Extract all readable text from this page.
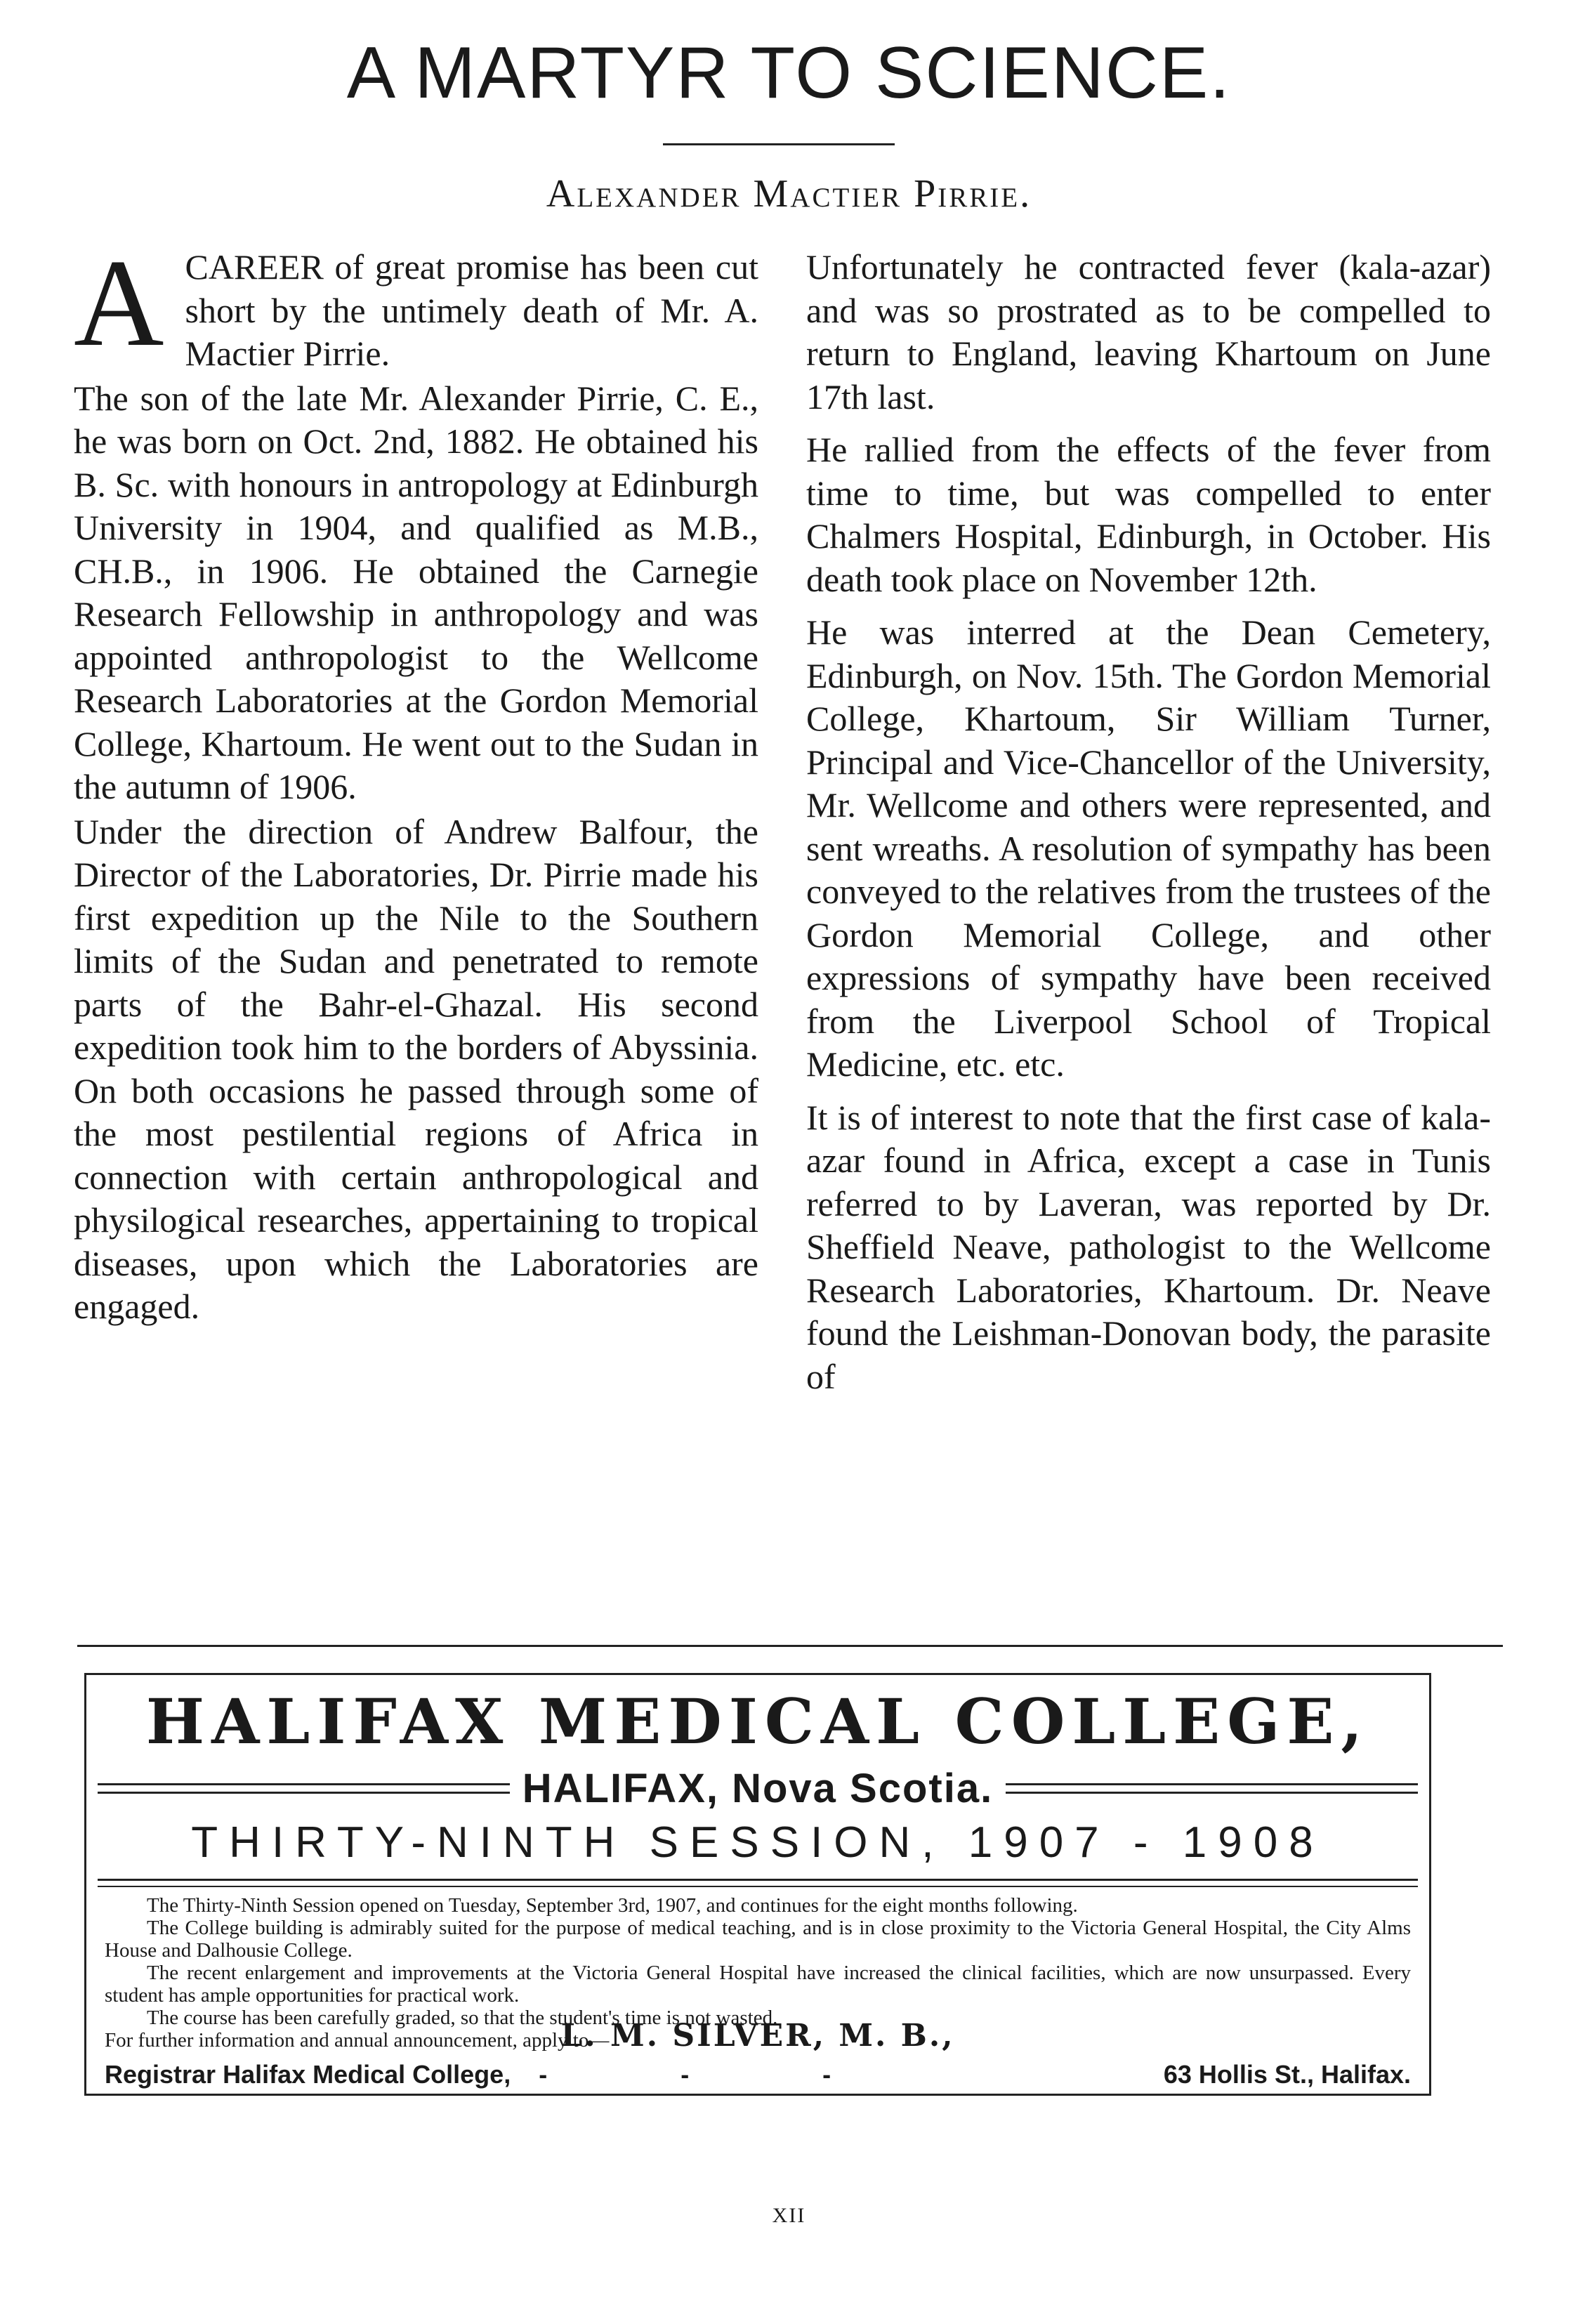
A MARTYR TO SCIENCE.
Alexander Mactier Pirrie.

A CAREER of great promise has been cut short by the untimely death of Mr. A. Mactier Pirrie.

The son of the late Mr. Alexander Pirrie, C. E., he was born on Oct. 2nd, 1882. He obtained his B. Sc. with honours in antropology at Edinburgh University in 1904, and qualified as M.B., CH.B., in 1906. He obtained the Carnegie Research Fellowship in anthropology and was appointed anthropologist to the Wellcome Research Laboratories at the Gordon Memorial College, Khartoum. He went out to the Sudan in the autumn of 1906.

Under the direction of Andrew Balfour, the Director of the Laboratories, Dr. Pirrie made his first expedition up the Nile to the Southern limits of the Sudan and penetrated to remote parts of the Bahr-el-Ghazal. His second expedition took him to the borders of Abyssinia. On both occasions he passed through some of the most pestilential regions of Africa in connection with certain anthropological and physilogical researches, appertaining to tropical diseases, upon which the Laboratories are engaged.

Unfortunately he contracted fever (kala-azar) and was so prostrated as to be compelled to return to England, leaving Khartoum on June 17th last.

He rallied from the effects of the fever from time to time, but was compelled to enter Chalmers Hospital, Edinburgh, in October. His death took place on November 12th.

He was interred at the Dean Cemetery, Edinburgh, on Nov. 15th. The Gordon Memorial College, Khartoum, Sir William Turner, Principal and Vice-Chancellor of the University, Mr. Wellcome and others were represented, and sent wreaths. A resolution of sympathy has been conveyed to the relatives from the trustees of the Gordon Memorial College, and other expressions of sympathy have been received from the Liverpool School of Tropical Medicine, etc. etc.

It is of interest to note that the first case of kala-azar found in Africa, except a case in Tunis referred to by Laveran, was reported by Dr. Sheffield Neave, pathologist to the Wellcome Research Laboratories, Khartoum. Dr. Neave found the Leishman-Donovan body, the parasite of

HALIFAX MEDICAL COLLEGE,
HALIFAX, Nova Scotia.
THIRTY-NINTH SESSION, 1907 - 1908

The Thirty-Ninth Session opened on Tuesday, September 3rd, 1907, and continues for the eight months following.

The College building is admirably suited for the purpose of medical teaching, and is in close proximity to the Victoria General Hospital, the City Alms House and Dalhousie College.

The recent enlargement and improvements at the Victoria General Hospital have increased the clinical facilities, which are now unsurpassed. Every student has ample opportunities for practical work.

The course has been carefully graded, so that the student's time is not wasted.

For further information and annual announcement, apply to—

L. M. SILVER, M. B.,
Registrar Halifax Medical College, - - -	63 Hollis St., Halifax.
XII
